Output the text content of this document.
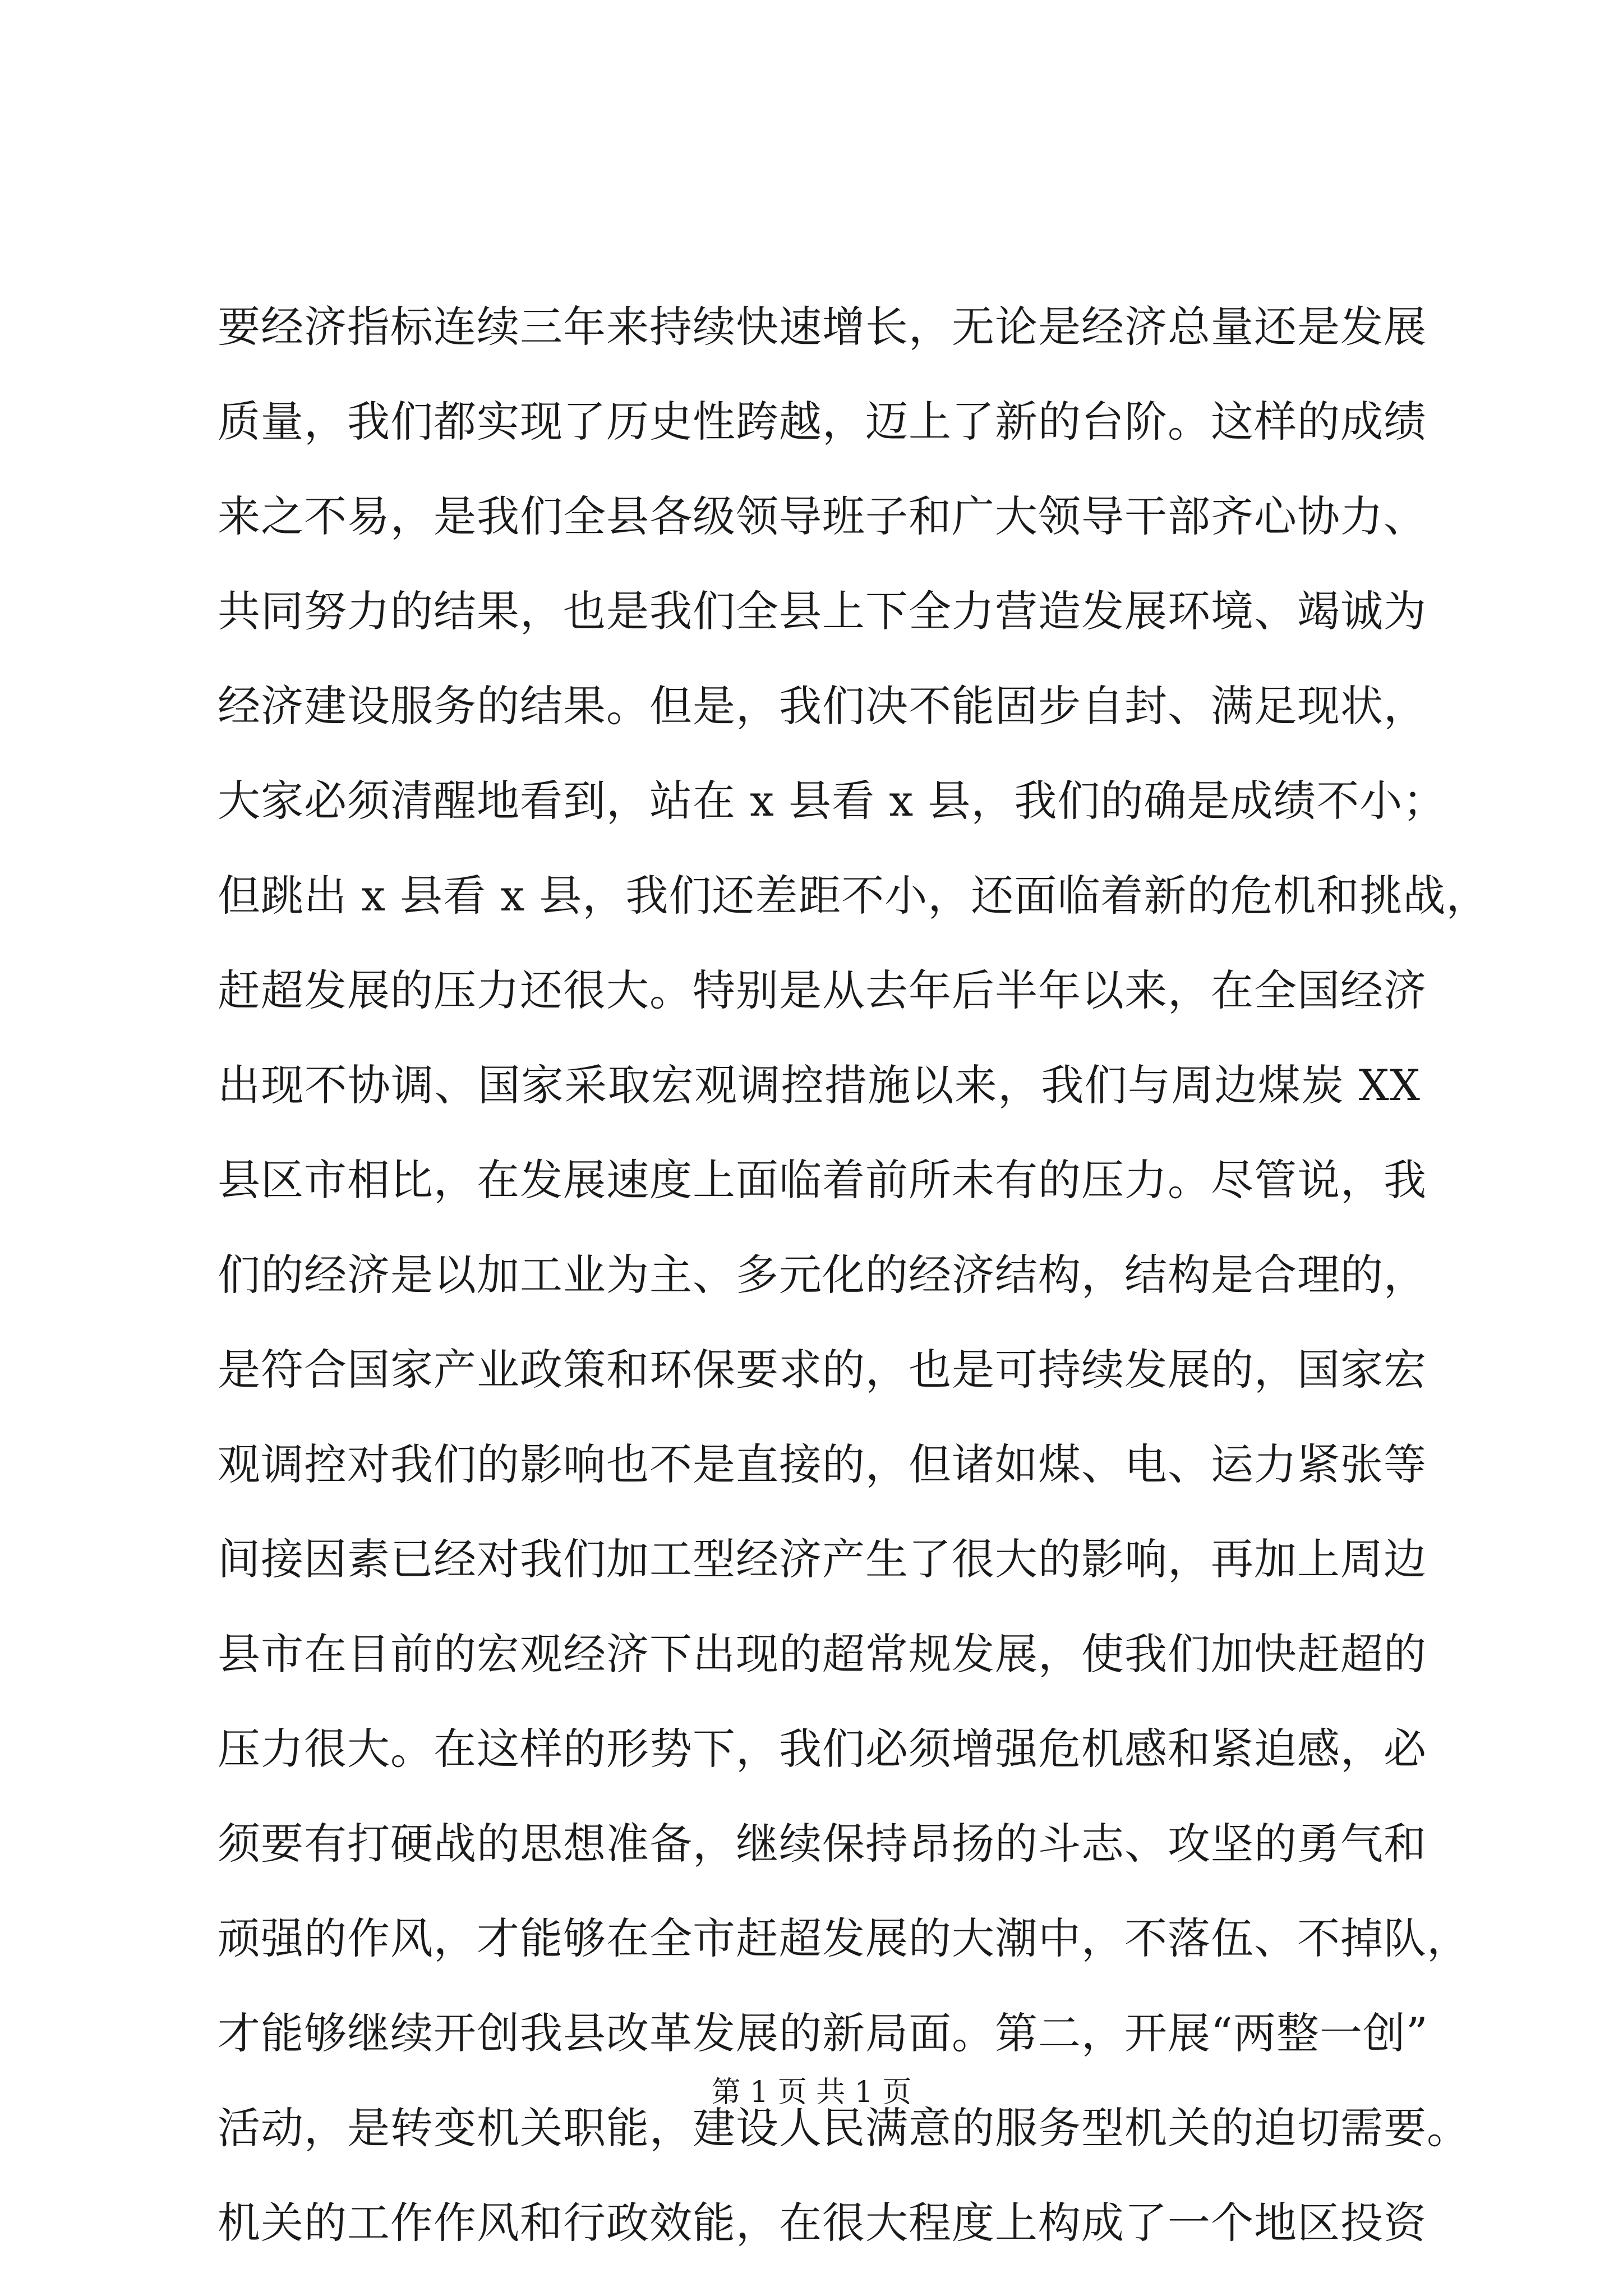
要经济指标连续三年来持续快速增长，无论是经济总量还是发展
质量，我们都实现了历史性跨越，迈上了新的台阶。这样的成绩
来之不易，是我们全县各级领导班子和广大领导干部齐心协力、
共同努力的结果，也是我们全县上下全力营造发展环境、竭诚为
经济建设服务的结果。但是，我们决不能固步自封、满足现状，
大家必须清醒地看到，站在 x 县看 x 县，我们的确是成绩不小；
但跳出 x 县看 x 县，我们还差距不小，还面临着新的危机和挑战，
赶超发展的压力还很大。特别是从去年后半年以来，在全国经济
出现不协调、国家采取宏观调控措施以来，我们与周边煤炭 XX
县区市相比，在发展速度上面临着前所未有的压力。尽管说，我
们的经济是以加工业为主、多元化的经济结构，结构是合理的，
是符合国家产业政策和环保要求的，也是可持续发展的，国家宏
观调控对我们的影响也不是直接的，但诸如煤、电、运力紧张等
间接因素已经对我们加工型经济产生了很大的影响，再加上周边
县市在目前的宏观经济下出现的超常规发展，使我们加快赶超的
压力很大。在这样的形势下，我们必须增强危机感和紧迫感，必
须要有打硬战的思想准备，继续保持昂扬的斗志、攻坚的勇气和
顽强的作风，才能够在全市赶超发展的大潮中，不落伍、不掉队，
才能够继续开创我县改革发展的新局面。第二，开展“两整一创”
活动，是转变机关职能，建设人民满意的服务型机关的迫切需要。
机关的工作作风和行政效能，在很大程度上构成了一个地区投资
第 1 页 共 1 页
